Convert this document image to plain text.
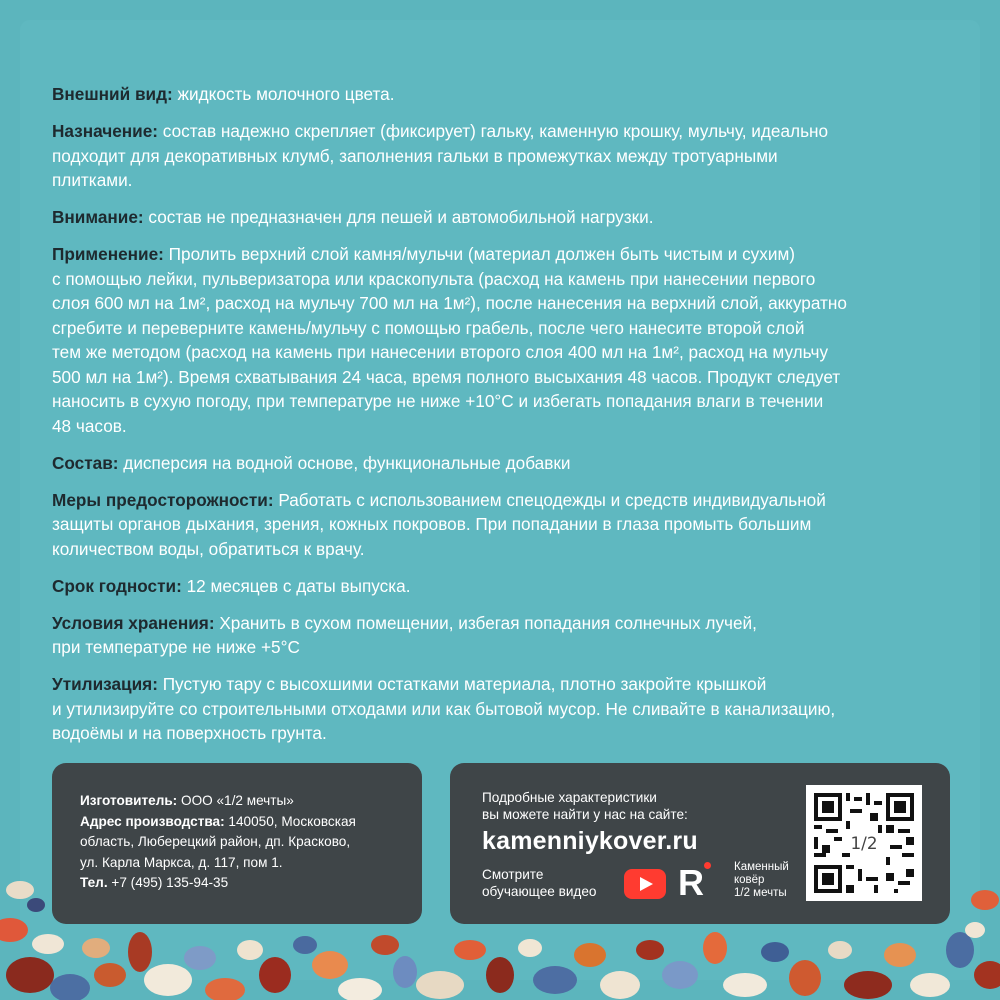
Внешний вид: жидкость молочного цвета.
Назначение: состав надежно скрепляет (фиксирует) гальку, каменную крошку, мульчу, идеально
подходит для декоративных клумб, заполнения гальки в промежутках между тротуарными
плитками.
Внимание: состав не предназначен для пешей и автомобильной нагрузки.
Применение: Пролить верхний слой камня/мульчи (материал должен быть чистым и сухим)
с помощью лейки, пульверизатора или краскопульта (расход на камень при нанесении первого
слоя 600 мл на 1м², расход на мульчу 700 мл на 1м²), после нанесения на верхний слой, аккуратно
сгребите и переверните камень/мульчу с помощью грабель, после чего нанесите второй слой
тем же методом (расход на камень при нанесении второго слоя 400 мл на 1м², расход на мульчу
500 мл на 1м²). Время схватывания 24 часа, время полного высыхания 48 часов. Продукт следует
наносить в сухую погоду, при температуре не ниже +10°C и избегать попадания влаги в течении
48 часов.
Состав: дисперсия на водной основе, функциональные добавки
Меры предосторожности: Работать с использованием спецодежды и средств индивидуальной
защиты органов дыхания, зрения, кожных покровов. При попадании в глаза промыть большим
количеством воды, обратиться к врачу.
Срок годности: 12 месяцев с даты выпуска.
Условия хранения: Хранить в сухом помещении, избегая попадания солнечных лучей,
при температуре не ниже +5°C
Утилизация: Пустую тару с высохшими остатками материала, плотно закройте крышкой
и утилизируйте со строительными отходами или как бытовой мусор. Не сливайте в канализацию,
водоёмы и на поверхность грунта.
Изготовитель: ООО «1/2 мечты»
Адрес производства: 140050, Московская
область, Люберецкий район, дп. Красково,
ул. Карла Маркса, д. 117, пом 1.
Тел. +7 (495) 135-94-35
Подробные характеристики
вы можете найти у нас на сайте:
kamenniykover.ru
Смотрите
обучающее видео R	Каменный
ковёр
1/2 мечты
1/2
